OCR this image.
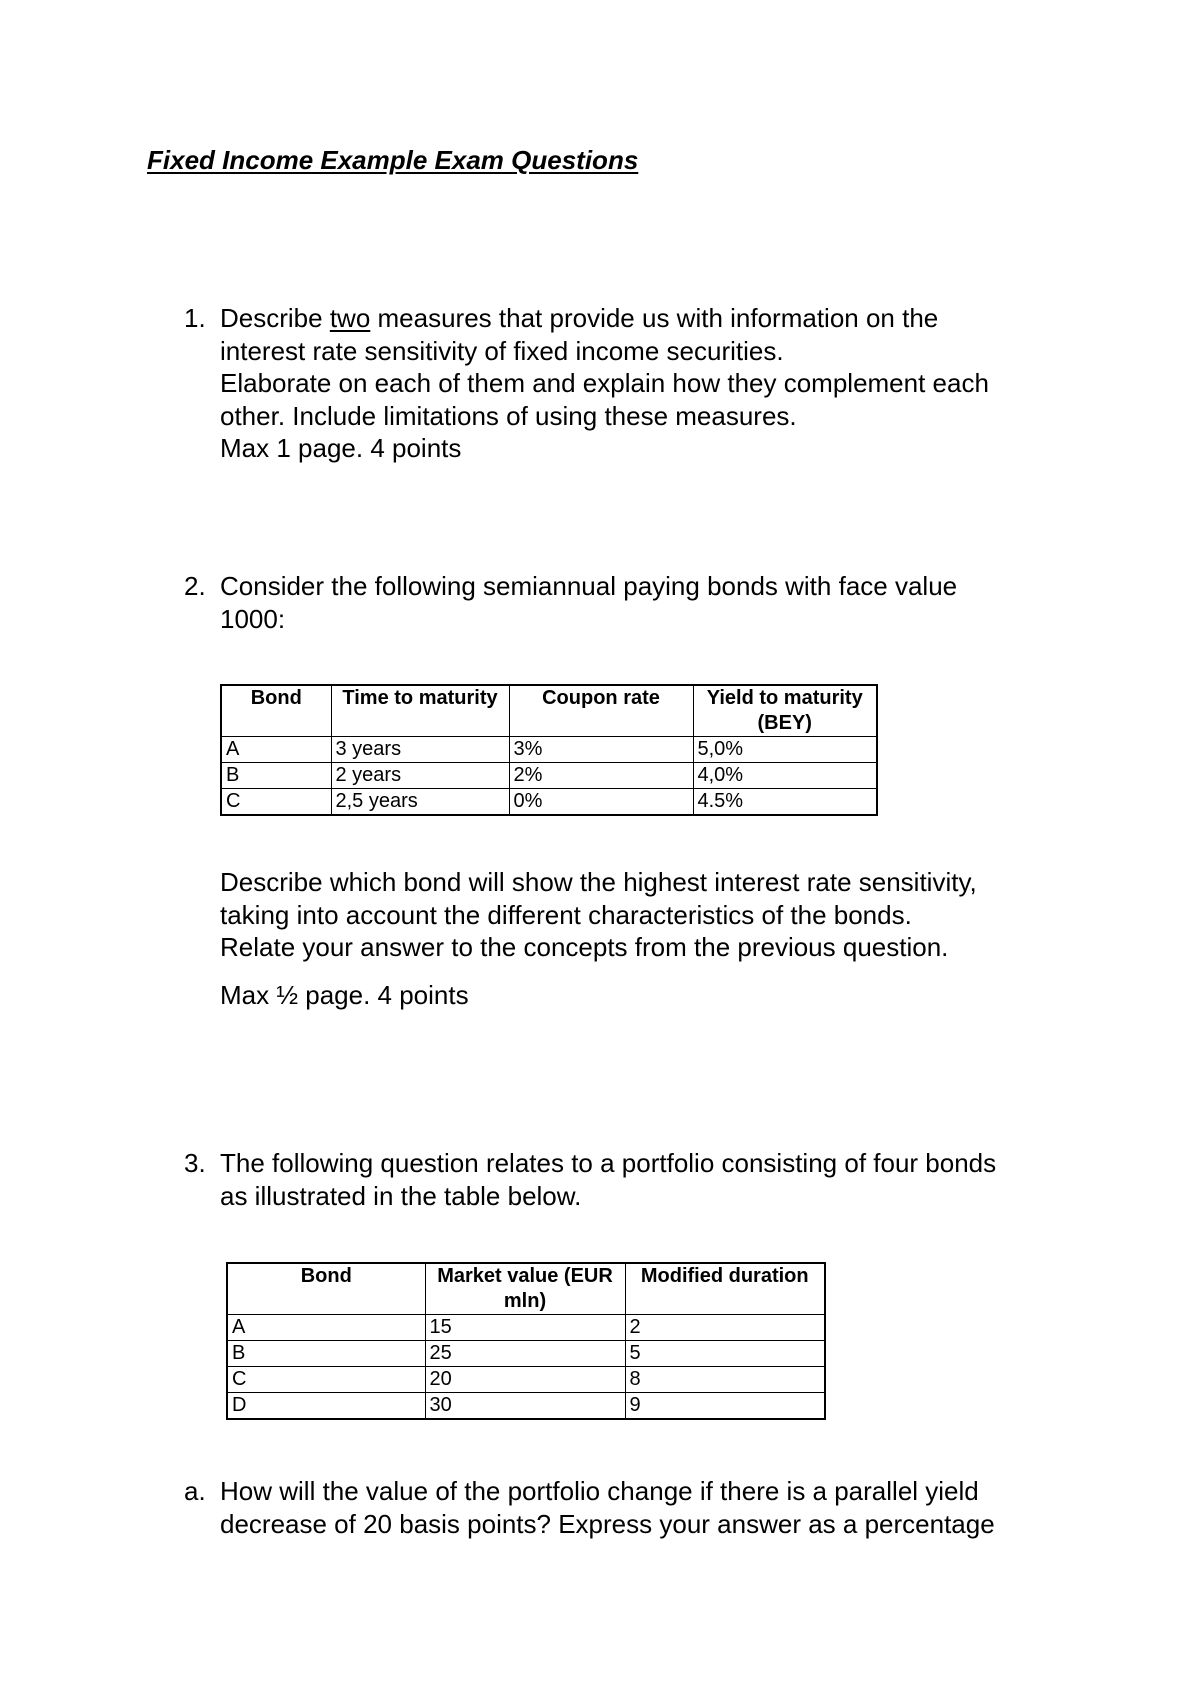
Fixed Income Example Exam Questions
1. Describe two measures that provide us with information on the

interest rate sensitivity of fixed income securities.

Elaborate on each of them and explain how they complement each

other. Include limitations of using these measures.

Max 1 page. 4 points

2. Consider the following semiannual paying bonds with face value

1000:

Bond	Time to maturity	Coupon rate	Yield to maturity (BEY)
A	3 years	3%	5,0%
B	2 years	2%	4,0%
C	2,5 years	0%	4.5%

Describe which bond will show the highest interest rate sensitivity,

taking into account the different characteristics of the bonds.

Relate your answer to the concepts from the previous question.

Max ½ page. 4 points

3. The following question relates to a portfolio consisting of four bonds

as illustrated in the table below.

Bond	Market value (EUR mln)	Modified duration
A	15	2
B	25	5
C	20	8
D	30	9
a. How will the value of the portfolio change if there is a parallel yield

decrease of 20 basis points? Express your answer as a percentage
